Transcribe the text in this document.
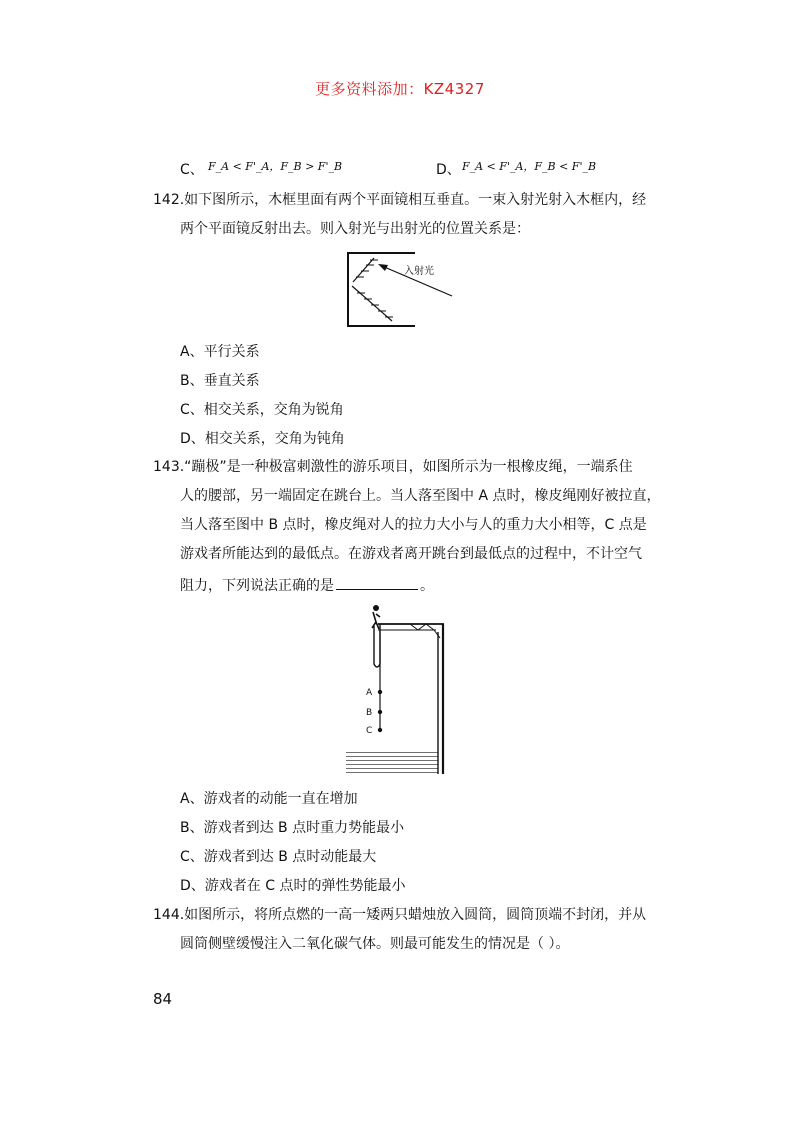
更多资料添加：KZ4327
C、 F_A < F'_A，F_B > F'_B	D、 F_A < F'_A，F_B < F'_B
142.如下图所示，木框里面有两个平面镜相互垂直。一束入射光射入木框内，经
两个平面镜反射出去。则入射光与出射光的位置关系是：
入射光
A、平行关系
B、垂直关系
C、相交关系，交角为锐角
D、相交关系，交角为钝角
143.“蹦极”是一种极富刺激性的游乐项目，如图所示为一根橡皮绳，一端系住
人的腰部，另一端固定在跳台上。当人落至图中 A 点时，橡皮绳刚好被拉直，
当人落至图中 B 点时，橡皮绳对人的拉力大小与人的重力大小相等，C 点是
游戏者所能达到的最低点。在游戏者离开跳台到最低点的过程中，不计空气
阻力，下列说法正确的是	。
A
B
C
A、游戏者的动能一直在增加
B、游戏者到达 B 点时重力势能最小
C、游戏者到达 B 点时动能最大
D、游戏者在 C 点时的弹性势能最小
144.如图所示，将所点燃的一高一矮两只蜡烛放入圆筒，圆筒顶端不封闭，并从
圆筒侧壁缓慢注入二氧化碳气体。则最可能发生的情况是（ ）。
84
